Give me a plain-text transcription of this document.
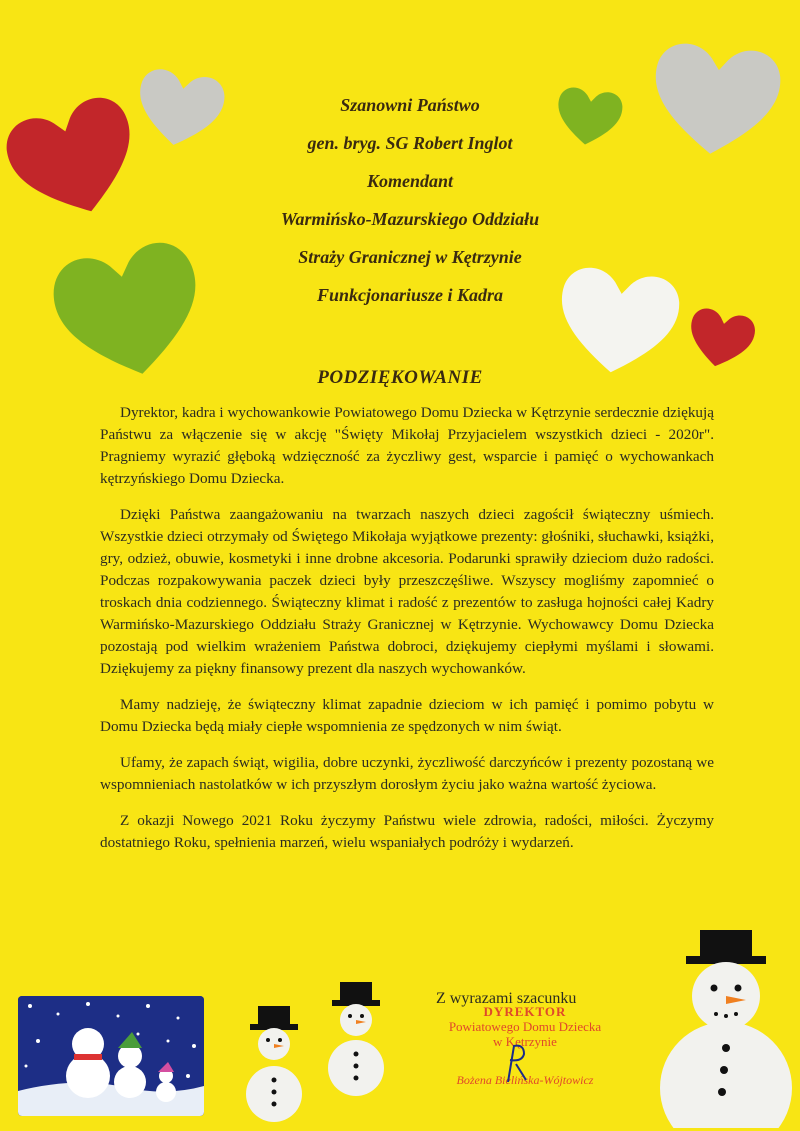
Szanowni Państwo
gen. bryg. SG Robert Inglot
Komendant
Warmińsko-Mazurskiego Oddziału
Straży Granicznej w Kętrzynie
Funkcjonariusze i Kadra
PODZIĘKOWANIE

Dyrektor, kadra i wychowankowie Powiatowego Domu Dziecka w Kętrzynie serdecznie dziękują Państwu za włączenie się w akcję "Święty Mikołaj Przyjacielem wszystkich dzieci - 2020r". Pragniemy wyrazić głęboką wdzięczność za życzliwy gest, wsparcie i pamięć o wychowankach kętrzyńskiego Domu Dziecka.

Dzięki Państwa zaangażowaniu na twarzach naszych dzieci zagościł świąteczny uśmiech. Wszystkie dzieci otrzymały od Świętego Mikołaja wyjątkowe prezenty: głośniki, słuchawki, książki, gry, odzież, obuwie, kosmetyki i inne drobne akcesoria. Podarunki sprawiły dzieciom dużo radości. Podczas rozpakowywania paczek dzieci były przeszczęśliwe. Wszyscy mogliśmy zapomnieć o troskach dnia codziennego. Świąteczny klimat i radość z prezentów to zasługa hojności całej Kadry Warmińsko-Mazurskiego Oddziału Straży Granicznej w Kętrzynie. Wychowawcy Domu Dziecka pozostają pod wielkim wrażeniem Państwa dobroci, dziękujemy ciepłymi myślami i słowami. Dziękujemy za piękny finansowy prezent dla naszych wychowanków.

Mamy nadzieję, że świąteczny klimat zapadnie dzieciom w ich pamięć i pomimo pobytu w Domu Dziecka będą miały ciepłe wspomnienia ze spędzonych w nim świąt.

Ufamy, że zapach świąt, wigilia, dobre uczynki, życzliwość darczyńców i prezenty pozostaną we wspomnieniach nastolatków w ich przyszłym dorosłym życiu jako ważna wartość życiowa.

Z okazji Nowego 2021 Roku życzymy Państwu wiele zdrowia, radości, miłości. Życzymy dostatniego Roku, spełnienia marzeń, wielu wspaniałych podróży i wydarzeń.

Z wyrazami szacunku
DYREKTOR
Powiatowego Domu Dziecka
w Kętrzynie
Bożena Bielińska-Wójtowicz
